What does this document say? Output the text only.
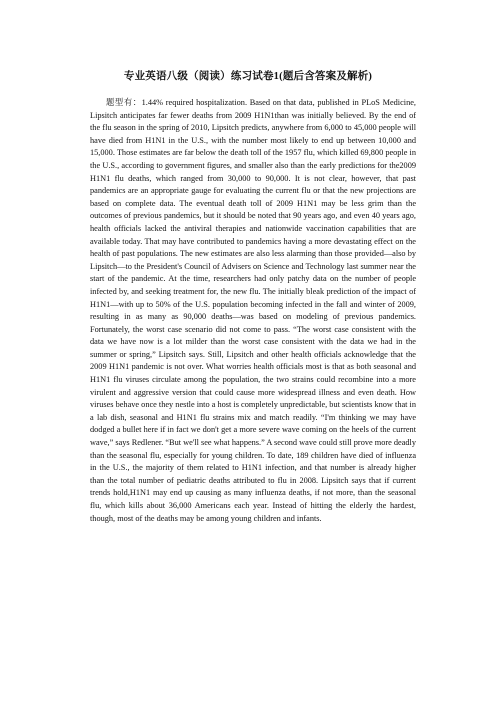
专业英语八级（阅读）练习试卷1(题后含答案及解析)

题型有：1.44% required hospitalization. Based on that data, published in PLoS Medicine, Lipsitch anticipates far fewer deaths from 2009 H1N1than was initially believed. By the end of the flu season in the spring of 2010, Lipsitch predicts, anywhere from 6,000 to 45,000 people will have died from H1N1 in the U.S., with the number most likely to end up between 10,000 and 15,000. Those estimates are far below the death toll of the 1957 flu, which killed 69,800 people in the U.S., according to government figures, and smaller also than the early predictions for the2009 H1N1 flu deaths, which ranged from 30,000 to 90,000. It is not clear, however, that past pandemics are an appropriate gauge for evaluating the current flu or that the new projections are based on complete data. The eventual death toll of 2009 H1N1 may be less grim than the outcomes of previous pandemics, but it should be noted that 90 years ago, and even 40 years ago, health officials lacked the antiviral therapies and nationwide vaccination capabilities that are available today. That may have contributed to pandemics having a more devastating effect on the health of past populations. The new estimates are also less alarming than those provided—also by Lipsitch—to the President's Council of Advisers on Science and Technology last summer near the start of the pandemic. At the time, researchers had only patchy data on the number of people infected by, and seeking treatment for, the new flu. The initially bleak prediction of the impact of H1N1—with up to 50% of the U.S. population becoming infected in the fall and winter of 2009, resulting in as many as 90,000 deaths—was based on modeling of previous pandemics. Fortunately, the worst case scenario did not come to pass. “The worst case consistent with the data we have now is a lot milder than the worst case consistent with the data we had in the summer or spring,” Lipsitch says. Still, Lipsitch and other health officials acknowledge that the 2009 H1N1 pandemic is not over. What worries health officials most is that as both seasonal and H1N1 flu viruses circulate among the population, the two strains could recombine into a more virulent and aggressive version that could cause more widespread illness and even death. How viruses behave once they nestle into a host is completely unpredictable, but scientists know that in a lab dish, seasonal and H1N1 flu strains mix and match readily. “I'm thinking we may have dodged a bullet here if in fact we don't get a more severe wave coming on the heels of the current wave,” says Redlener. “But we'll see what happens.” A second wave could still prove more deadly than the seasonal flu, especially for young children. To date, 189 children have died of influenza in the U.S., the majority of them related to H1N1 infection, and that number is already higher than the total number of pediatric deaths attributed to flu in 2008. Lipsitch says that if current trends hold,H1N1 may end up causing as many influenza deaths, if not more, than the seasonal flu, which kills about 36,000 Americans each year. Instead of hitting the elderly the hardest, though, most of the deaths may be among young children and infants.
